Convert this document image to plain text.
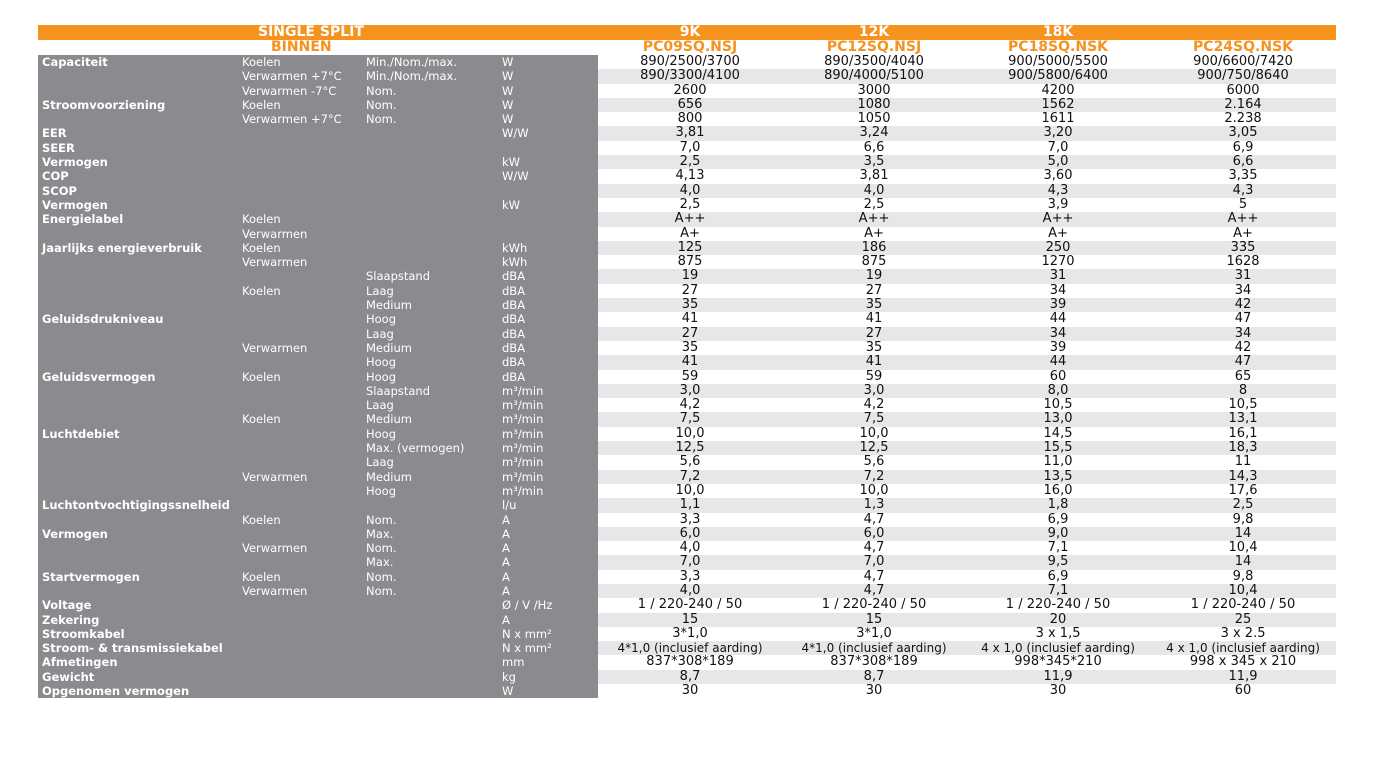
SINGLE SPLIT				9K	12K	18K	
BINNEN				PC09SQ.NSJ	PC12SQ.NSJ	PC18SQ.NSK	PC24SQ.NSK
Capaciteit	Koelen	Min./Nom./max.	W	890/2500/3700	890/3500/4040	900/5000/5500	900/6600/7420
	Verwarmen +7°C	Min./Nom./max.	W	890/3300/4100	890/4000/5100	900/5800/6400	900/750/8640
	Verwarmen -7°C	Nom.	W	2600	3000	4200	6000
Stroomvoorziening	Koelen	Nom.	W	656	1080	1562	2.164
	Verwarmen +7°C	Nom.	W	800	1050	1611	2.238
EER			W/W	3,81	3,24	3,20	3,05
SEER				7,0	6,6	7,0	6,9
Vermogen			kW	2,5	3,5	5,0	6,6
COP			W/W	4,13	3,81	3,60	3,35
SCOP				4,0	4,0	4,3	4,3
Vermogen			kW	2,5	2,5	3,9	5
Energielabel	Koelen			A++	A++	A++	A++
	Verwarmen			A+	A+	A+	A+
Jaarlijks energieverbruik	Koelen		kWh	125	186	250	335
	Verwarmen		kWh	875	875	1270	1628
		Slaapstand	dBA	19	19	31	31
	Koelen	Laag	dBA	27	27	34	34
		Medium	dBA	35	35	39	42
Geluidsdrukniveau		Hoog	dBA	41	41	44	47
		Laag	dBA	27	27	34	34
	Verwarmen	Medium	dBA	35	35	39	42
		Hoog	dBA	41	41	44	47
Geluidsvermogen	Koelen	Hoog	dBA	59	59	60	65
		Slaapstand	m³/min	3,0	3,0	8,0	8
		Laag	m³/min	4,2	4,2	10,5	10,5
	Koelen	Medium	m³/min	7,5	7,5	13,0	13,1
Luchtdebiet		Hoog	m³/min	10,0	10,0	14,5	16,1
		Max. (vermogen)	m³/min	12,5	12,5	15,5	18,3
		Laag	m³/min	5,6	5,6	11,0	11
	Verwarmen	Medium	m³/min	7,2	7,2	13,5	14,3
		Hoog	m³/min	10,0	10,0	16,0	17,6
Luchtontvochtigingssnelheid			l/u	1,1	1,3	1,8	2,5
	Koelen	Nom.	A	3,3	4,7	6,9	9,8
Vermogen		Max.	A	6,0	6,0	9,0	14
	Verwarmen	Nom.	A	4,0	4,7	7,1	10,4
		Max.	A	7,0	7,0	9,5	14
Startvermogen	Koelen	Nom.	A	3,3	4,7	6,9	9,8
	Verwarmen	Nom.	A	4,0	4,7	7,1	10,4
Voltage			Ø / V /Hz	1 / 220-240 / 50	1 / 220-240 / 50	1 / 220-240 / 50	1 / 220-240 / 50
Zekering			A	15	15	20	25
Stroomkabel			N x mm²	3*1,0	3*1,0	3 x 1,5	3 x 2.5
Stroom- & transmissiekabel			N x mm²	4*1,0 (inclusief aarding)	4*1,0 (inclusief aarding)	4 x 1,0 (inclusief aarding)	4 x 1,0 (inclusief aarding)
Afmetingen			mm	837*308*189	837*308*189	998*345*210	998 x 345 x 210
Gewicht			kg	8,7	8,7	11,9	11,9
Opgenomen vermogen			W	30	30	30	60
